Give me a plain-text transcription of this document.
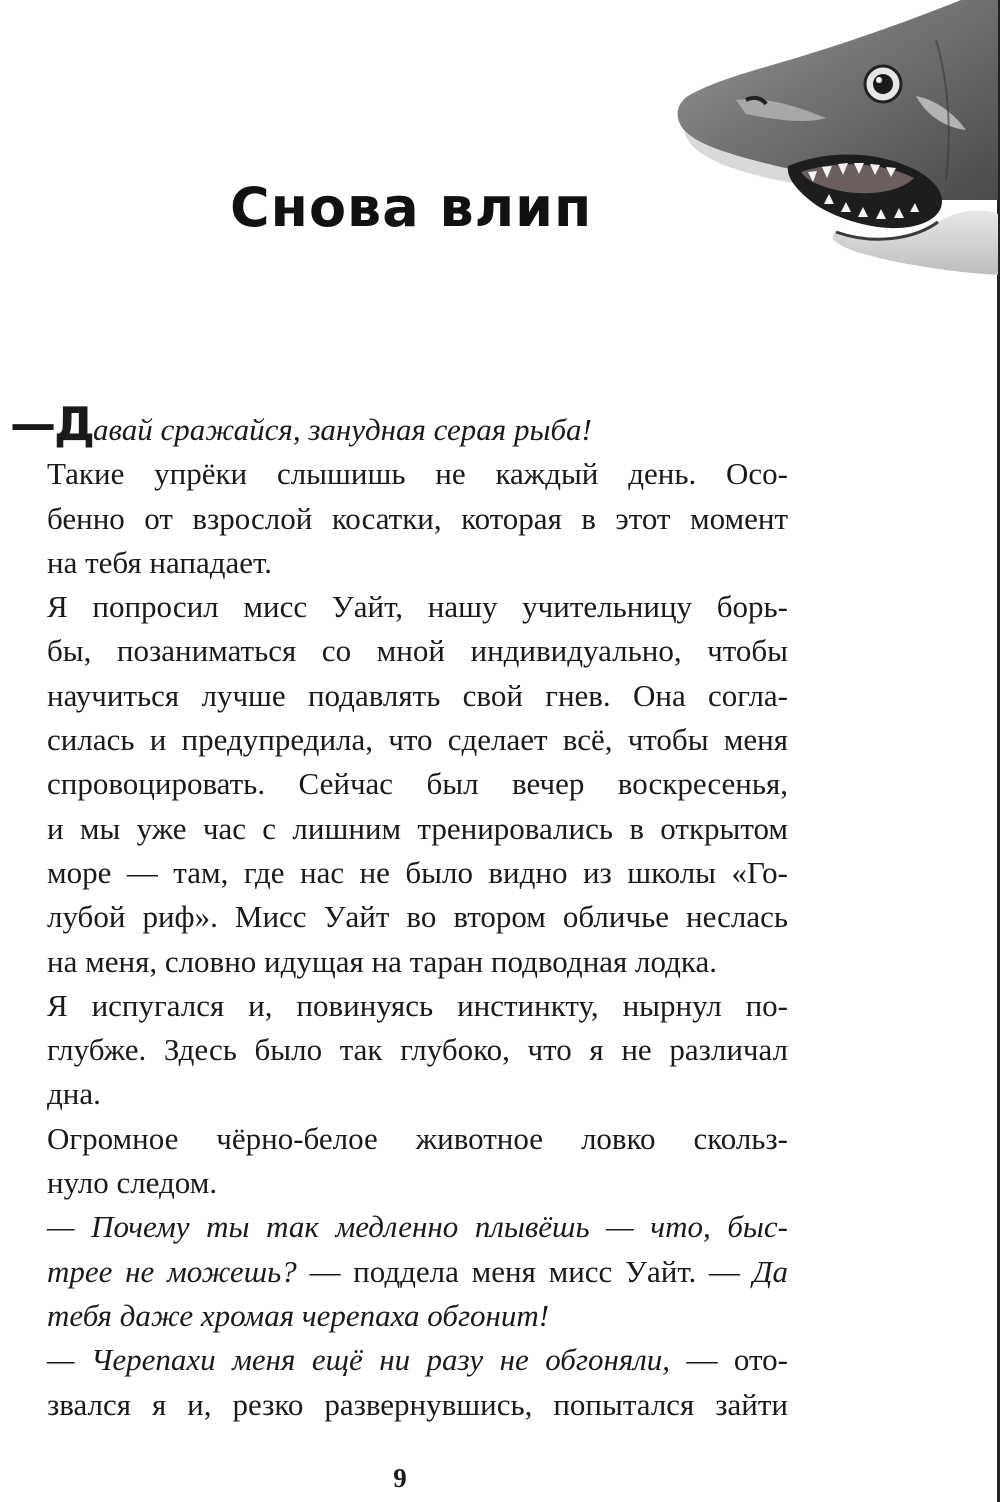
Снова влип

—Давай сражайся, занудная серая рыба!

Такие упрёки слышишь не каждый день. Осо-
бенно от взрослой косатки, которая в этот момент
на тебя нападает.

Я попросил мисс Уайт, нашу учительницу борь-
бы, позаниматься со мной индивидуально, чтобы
научиться лучше подавлять свой гнев. Она согла-
силась и предупредила, что сделает всё, чтобы меня
спровоцировать. Сейчас был вечер воскресенья,
и мы уже час с лишним тренировались в открытом
море — там, где нас не было видно из школы «Го-
лубой риф». Мисс Уайт во втором обличье неслась
на меня, словно идущая на таран подводная лодка.

Я испугался и, повинуясь инстинкту, нырнул по-
глубже. Здесь было так глубоко, что я не различал
дна.

Огромное чёрно-белое животное ловко скольз-
нуло следом.

— Почему ты так медленно плывёшь — что, быс-
трее не можешь? — поддела меня мисс Уайт. — Да
тебя даже хромая черепаха обгонит!

— Черепахи меня ещё ни разу не обгоняли, — ото-
звался я и, резко развернувшись, попытался зайти

9
